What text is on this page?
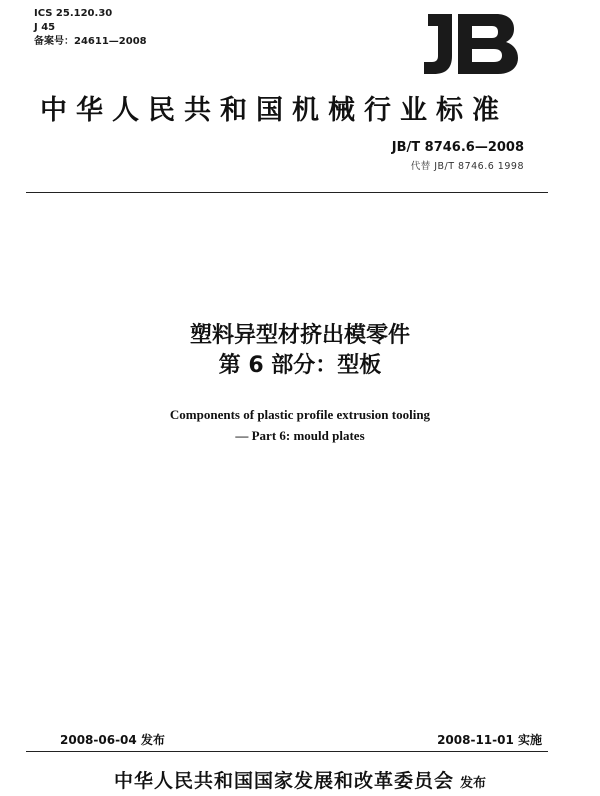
ICS 25.120.30
J 45
备案号：24611—2008	JB
中华人民共和国机械行业标准
JB/T 8746.6—2008
代替 JB/T 8746.6 1998
塑料异型材挤出模零件
第 6 部分：型板
Components of plastic profile extrusion tooling
— Part 6: mould plates
2008-06-04 发布	2008-11-01 实施
中华人民共和国国家发展和改革委员会 发布
